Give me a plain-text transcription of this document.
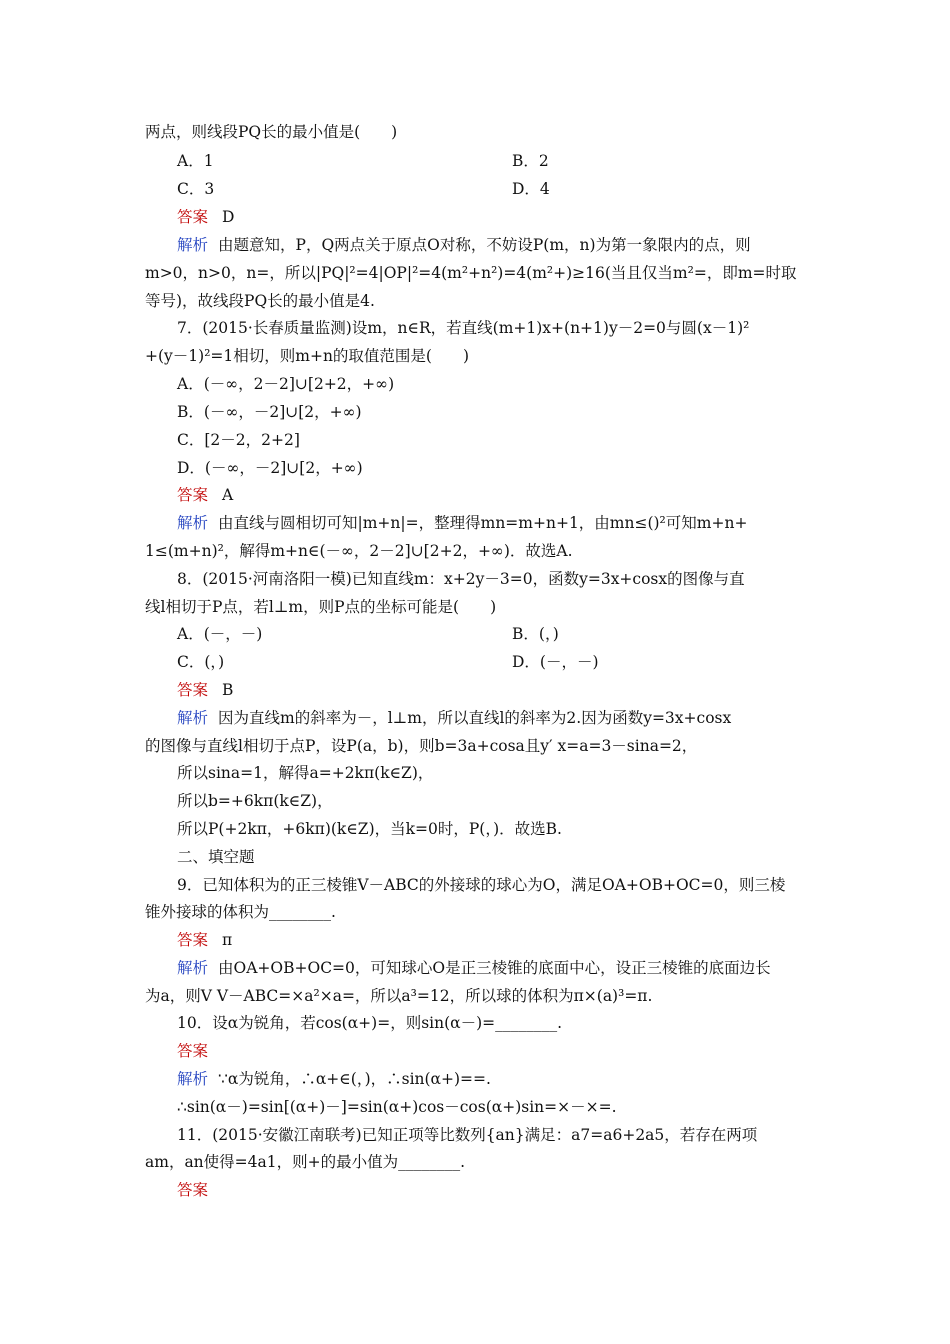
两点，则线段PQ长的最小值是(　　)
A．1	B．2
C．3	D．4
答案 D
解析 由题意知，P，Q两点关于原点O对称，不妨设P(m，n)为第一象限内的点，则
m>0，n>0，n=，所以|PQ|²=4|OP|²=4(m²+n²)=4(m²+)≥16(当且仅当m²=，即m=时取
等号)，故线段PQ长的最小值是4.
7．(2015·长春质量监测)设m，n∈R，若直线(m+1)x+(n+1)y－2=0与圆(x－1)²
+(y－1)²=1相切，则m+n的取值范围是(　　)
A．(－∞，2－2]∪[2+2，+∞)
B．(－∞，－2]∪[2，+∞)
C．[2－2，2+2]
D．(－∞，－2]∪[2，+∞)
答案 A
解析 由直线与圆相切可知|m+n|=，整理得mn=m+n+1，由mn≤()²可知m+n+
1≤(m+n)²，解得m+n∈(－∞，2－2]∪[2+2，+∞)．故选A.
8．(2015·河南洛阳一模)已知直线m：x+2y－3=0，函数y=3x+cosx的图像与直
线l相切于P点，若l⊥m，则P点的坐标可能是(　　)
A．(－，－)	B．(，)
C．(，)	D．(－，－)
答案 B
解析 因为直线m的斜率为－，l⊥m，所以直线l的斜率为2.因为函数y=3x+cosx
的图像与直线l相切于点P，设P(a，b)，则b=3a+cosa且y′ x=a=3－sina=2，
所以sina=1，解得a=+2kπ(k∈Z)，
所以b=+6kπ(k∈Z)，
所以P(+2kπ，+6kπ)(k∈Z)，当k=0时，P(，)．故选B.
二、填空题
9．已知体积为的正三棱锥V－ABC的外接球的球心为O，满足OA+OB+OC=0，则三棱
锥外接球的体积为________.
答案 π
解析 由OA+OB+OC=0，可知球心O是正三棱锥的底面中心，设正三棱锥的底面边长
为a，则V V－ABC=×a²×a=，所以a³=12，所以球的体积为π×(a)³=π.
10．设α为锐角，若cos(α+)=，则sin(α－)=________.
答案
解析 ∵α为锐角，∴α+∈(，)，∴sin(α+)==.
∴sin(α－)=sin[(α+)－]=sin(α+)cos－cos(α+)sin=×－×=.
11．(2015·安徽江南联考)已知正项等比数列{an}满足：a7=a6+2a5，若存在两项
am，an使得=4a1，则+的最小值为________.
答案
